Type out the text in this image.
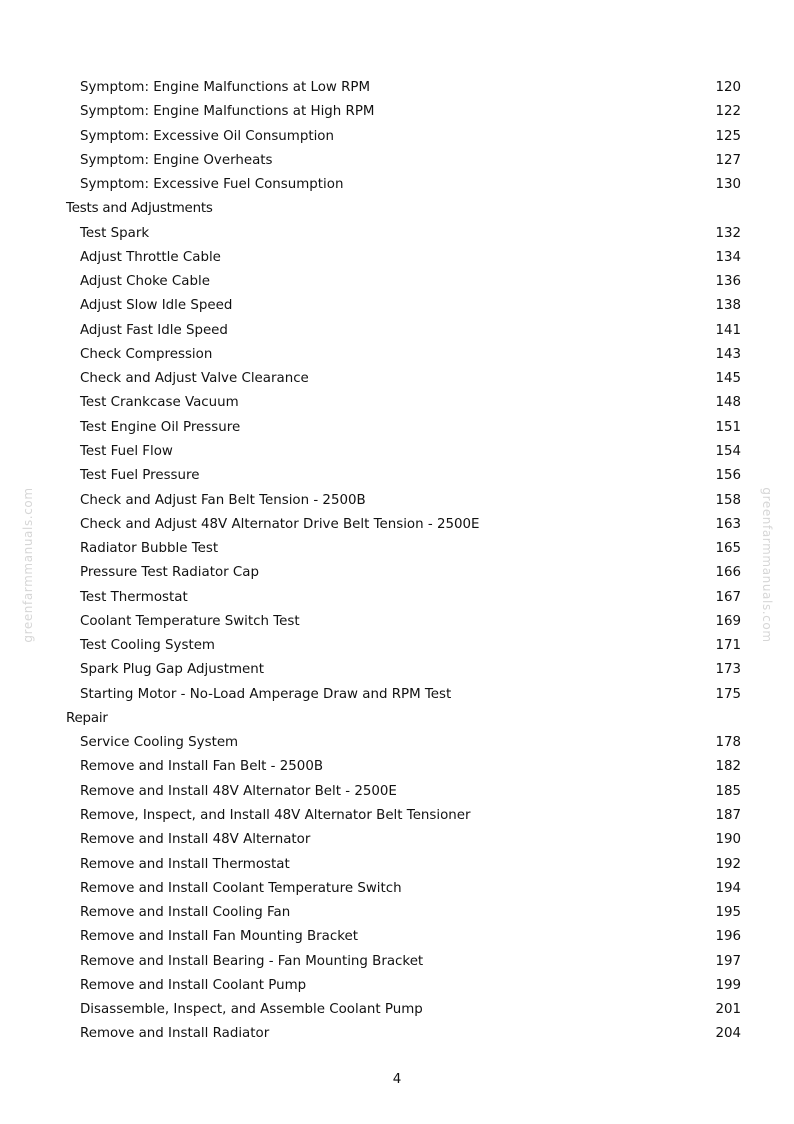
greenfarmmanuals.com	greenfarmmanuals.com
Symptom: Engine Malfunctions at Low RPM	120
Symptom: Engine Malfunctions at High RPM	122
Symptom: Excessive Oil Consumption	125
Symptom: Engine Overheats	127
Symptom: Excessive Fuel Consumption	130
Tests and Adjustments
Test Spark	132
Adjust Throttle Cable	134
Adjust Choke Cable	136
Adjust Slow Idle Speed	138
Adjust Fast Idle Speed	141
Check Compression	143
Check and Adjust Valve Clearance	145
Test Crankcase Vacuum	148
Test Engine Oil Pressure	151
Test Fuel Flow	154
Test Fuel Pressure	156
Check and Adjust Fan Belt Tension - 2500B	158
Check and Adjust 48V Alternator Drive Belt Tension - 2500E	163
Radiator Bubble Test	165
Pressure Test Radiator Cap	166
Test Thermostat	167
Coolant Temperature Switch Test	169
Test Cooling System	171
Spark Plug Gap Adjustment	173
Starting Motor - No-Load Amperage Draw and RPM Test	175
Repair
Service Cooling System	178
Remove and Install Fan Belt - 2500B	182
Remove and Install 48V Alternator Belt - 2500E	185
Remove, Inspect, and Install 48V Alternator Belt Tensioner	187
Remove and Install 48V Alternator	190
Remove and Install Thermostat	192
Remove and Install Coolant Temperature Switch	194
Remove and Install Cooling Fan	195
Remove and Install Fan Mounting Bracket	196
Remove and Install Bearing - Fan Mounting Bracket	197
Remove and Install Coolant Pump	199
Disassemble, Inspect, and Assemble Coolant Pump	201
Remove and Install Radiator	204
4
